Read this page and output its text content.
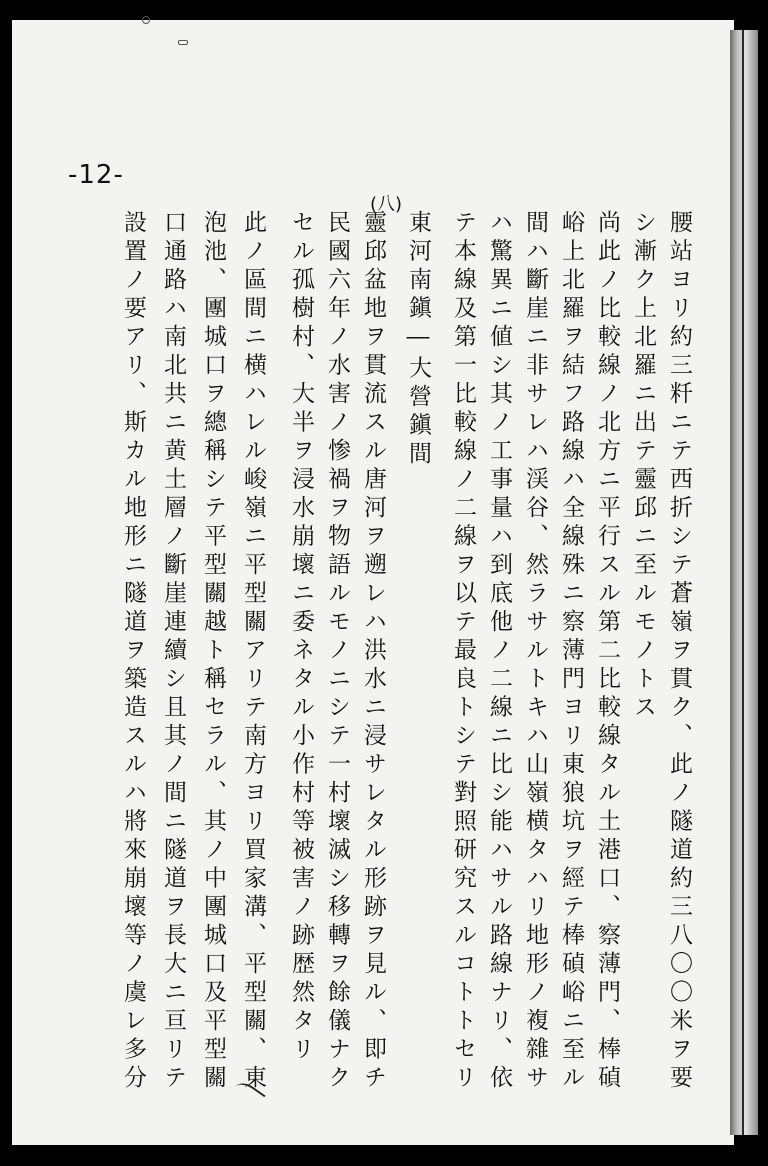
-12-
(八)
腰站ヨリ約三粁ニテ西折シテ蒼嶺ヲ貫ク、此ノ隧道約三八〇〇米ヲ要
シ漸ク上北羅ニ出テ靈邱ニ至ルモノトス
尚此ノ比較線ノ北方ニ平行スル第二比較線タル土港口、察薄門、棒碵
峪上北羅ヲ結フ路線ハ全線殊ニ察薄門ヨリ東狼坑ヲ經テ棒碵峪ニ至ル
間ハ斷崖ニ非サレハ渓谷、然ラサルトキハ山嶺横タハリ地形ノ複雜サ
ハ驚異ニ値シ其ノ工事量ハ到底他ノ二線ニ比シ能ハサル路線ナリ、依
テ本線及第一比較線ノ二線ヲ以テ最良トシテ對照研究スルコトトセリ
東河南鎭―大營鎭間
靈邱盆地ヲ貫流スル唐河ヲ遡レハ洪水ニ浸サレタル形跡ヲ見ル、即チ
民國六年ノ水害ノ惨禍ヲ物語ルモノニシテ一村壞滅シ移轉ヲ餘儀ナク
セル孤樹村、大半ヲ浸水崩壞ニ委ネタル小作村等被害ノ跡歴然タリ
此ノ區間ニ横ハレル峻嶺ニ平型關アリテ南方ヨリ買家溝、平型關、東
泡池、團城口ヲ總稱シテ平型關越ト稱セラル、其ノ中團城口及平型關
口通路ハ南北共ニ黄土層ノ斷崖連續シ且其ノ間ニ隧道ヲ長大ニ亘リテ
設置ノ要アリ、斯カル地形ニ隧道ヲ築造スルハ將來崩壞等ノ虞レ多分
